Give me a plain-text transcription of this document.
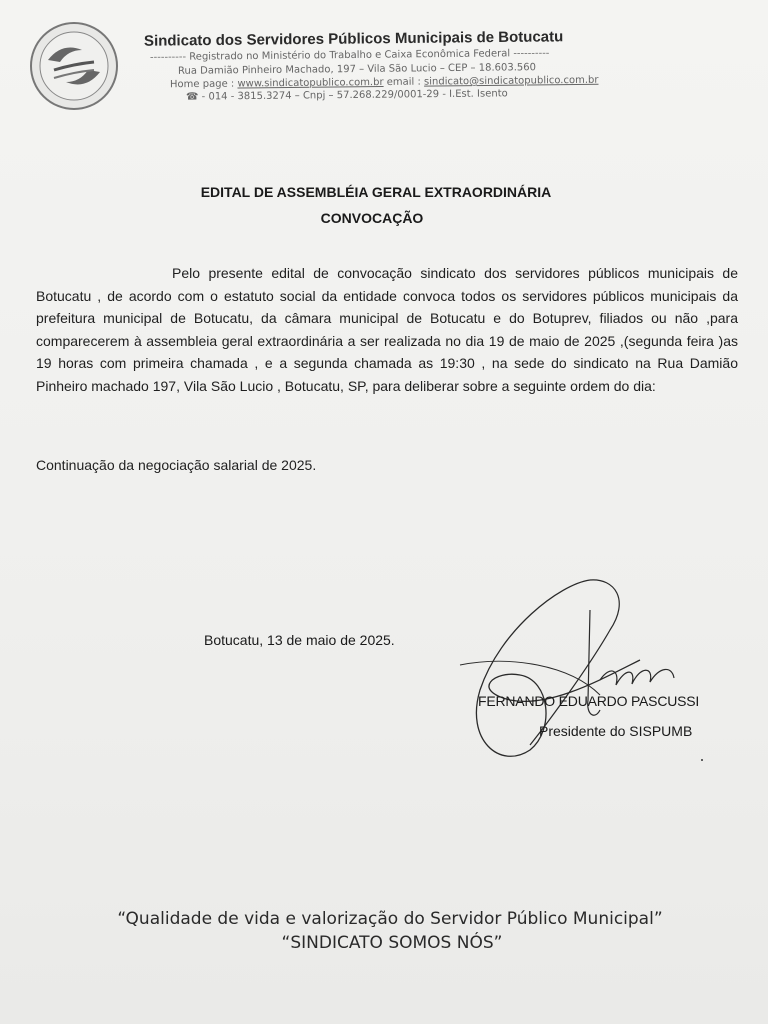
Sindicato dos Servidores Públicos Municipais de Botucatu
---------- Registrado no Ministério do Trabalho e Caixa Econômica Federal ----------
Rua Damião Pinheiro Machado, 197 – Vila São Lucio – CEP – 18.603.560
Home page : www.sindicatopublico.com.br email : sindicato@sindicatopublico.com.br
☎ - 014 - 3815.3274 – Cnpj – 57.268.229/0001-29 - I.Est. Isento
EDITAL DE ASSEMBLÉIA GERAL EXTRAORDINÁRIA
CONVOCAÇÃO
Pelo presente edital de convocação sindicato dos servidores públicos municipais de Botucatu , de acordo com o estatuto social da entidade convoca todos os servidores públicos municipais da prefeitura municipal de Botucatu, da câmara municipal de Botucatu e do Botuprev, filiados ou não ,para comparecerem à assembleia geral extraordinária a ser realizada no dia 19 de maio de 2025 ,(segunda feira )as 19 horas com primeira chamada , e a segunda chamada as 19:30 , na sede do sindicato na Rua Damião Pinheiro machado 197, Vila São Lucio , Botucatu, SP, para deliberar sobre a seguinte ordem do dia:
Continuação da negociação salarial de 2025.
Botucatu, 13 de maio de 2025.
FERNANDO EDUARDO PASCUSSI
Presidente do SISPUMB
“Qualidade de vida e valorização do Servidor Público Municipal”
“SINDICATO SOMOS NÓS”
